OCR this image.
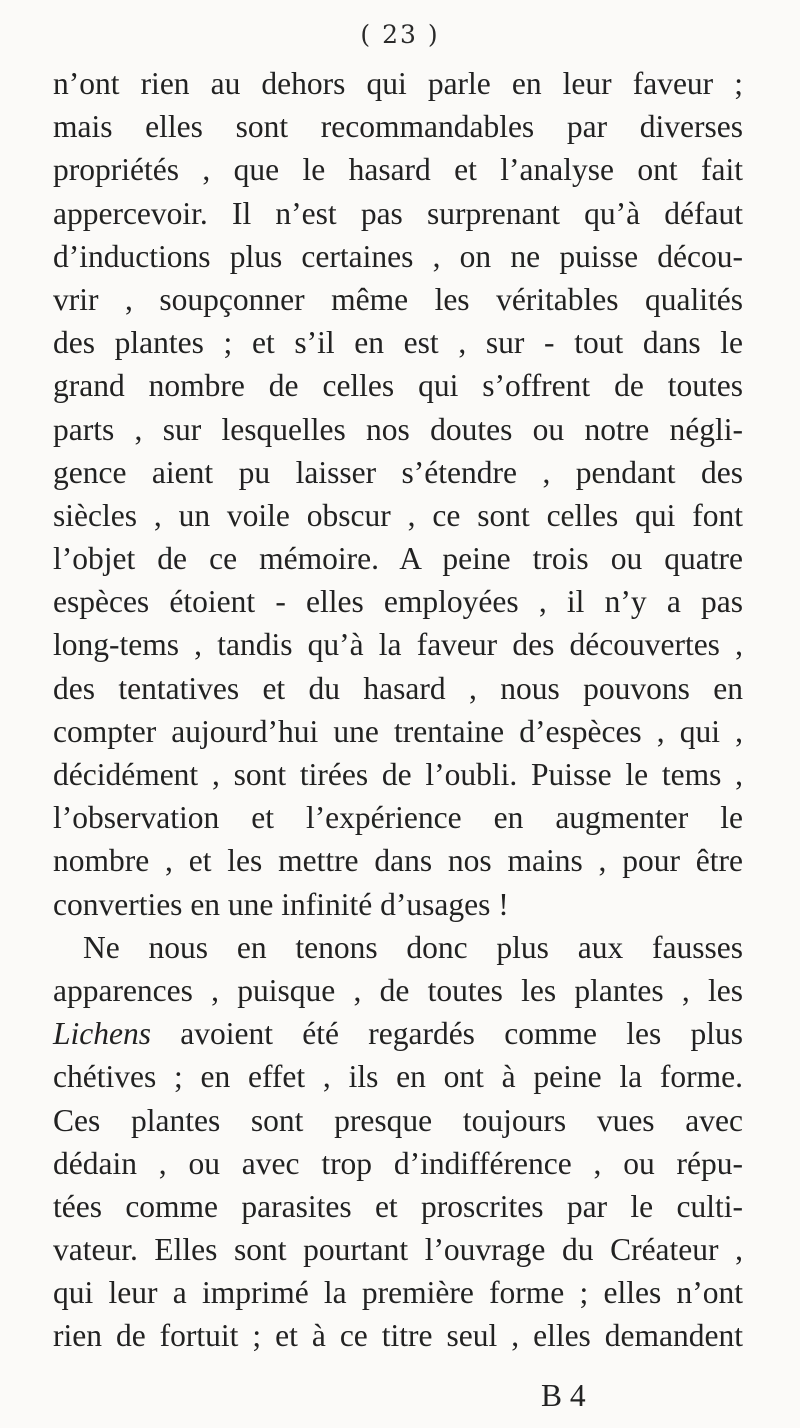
( 23 )
n’ont rien au dehors qui parle en leur faveur ;
mais elles sont recommandables par diverses
propriétés , que le hasard et l’analyse ont fait
appercevoir. Il n’est pas surprenant qu’à défaut
d’inductions plus certaines , on ne puisse décou-
vrir , soupçonner même les véritables qualités
des plantes ; et s’il en est , sur - tout dans le
grand nombre de celles qui s’offrent de toutes
parts , sur lesquelles nos doutes ou notre négli-
gence aient pu laisser s’étendre , pendant des
siècles , un voile obscur , ce sont celles qui font
l’objet de ce mémoire. A peine trois ou quatre
espèces étoient - elles employées , il n’y a pas
long-tems , tandis qu’à la faveur des découvertes ,
des tentatives et du hasard , nous pouvons en
compter aujourd’hui une trentaine d’espèces , qui ,
décidément , sont tirées de l’oubli. Puisse le tems ,
l’observation et l’expérience en augmenter le
nombre , et les mettre dans nos mains , pour être
converties en une infinité d’usages !
Ne nous en tenons donc plus aux fausses
apparences , puisque , de toutes les plantes , les
Lichens avoient été regardés comme les plus
chétives ; en effet , ils en ont à peine la forme.
Ces plantes sont presque toujours vues avec
dédain , ou avec trop d’indifférence , ou répu-
tées comme parasites et proscrites par le culti-
vateur. Elles sont pourtant l’ouvrage du Créateur ,
qui leur a imprimé la première forme ; elles n’ont
rien de fortuit ; et à ce titre seul , elles demandent
B 4
